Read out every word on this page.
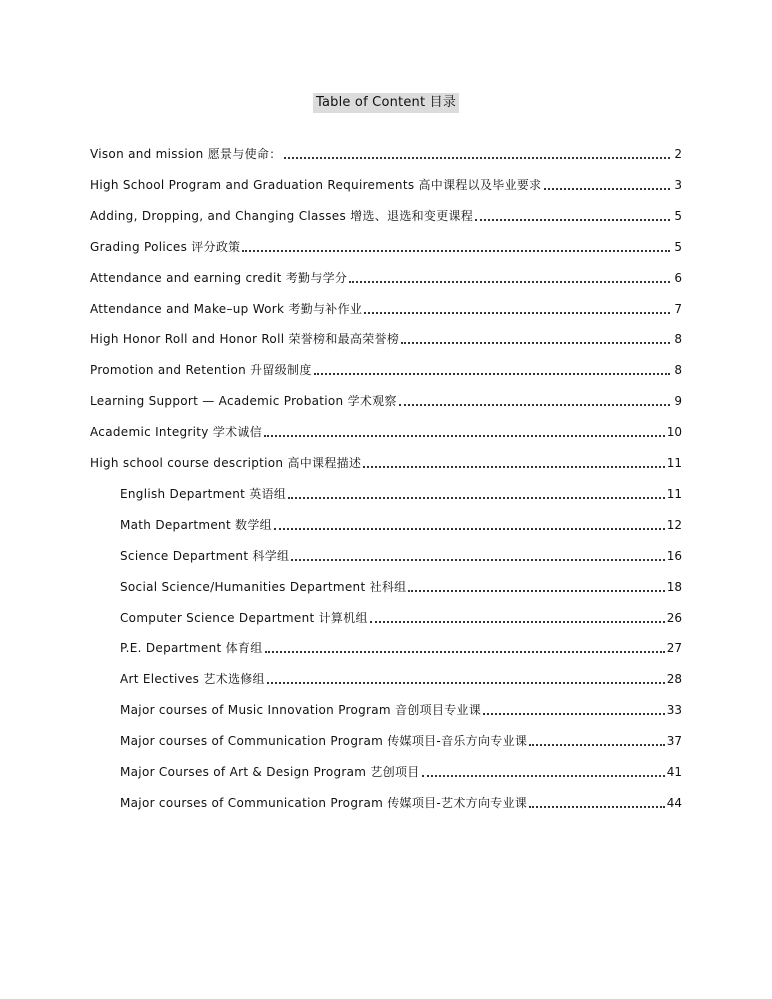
Table of Content 目录
Vison and mission 愿景与使命：	2
High School Program and Graduation Requirements 高中课程以及毕业要求	3
Adding, Dropping, and Changing Classes 增选、退选和变更课程	5
Grading Polices 评分政策	5
Attendance and earning credit 考勤与学分	6
Attendance and Make–up Work 考勤与补作业	7
High Honor Roll and Honor Roll 荣誉榜和最高荣誉榜	8
Promotion and Retention 升留级制度	8
Learning Support — Academic Probation 学术观察	9
Academic Integrity 学术诚信	10
High school course description 高中课程描述	11
English Department 英语组	11
Math Department 数学组	12
Science Department 科学组	16
Social Science/Humanities Department 社科组	18
Computer Science Department 计算机组	26
P.E. Department 体育组	27
Art Electives 艺术选修组	28
Major courses of Music Innovation Program 音创项目专业课	33
Major courses of Communication Program 传媒项目-音乐方向专业课	37
Major Courses of Art & Design Program 艺创项目	41
Major courses of Communication Program 传媒项目-艺术方向专业课	44
